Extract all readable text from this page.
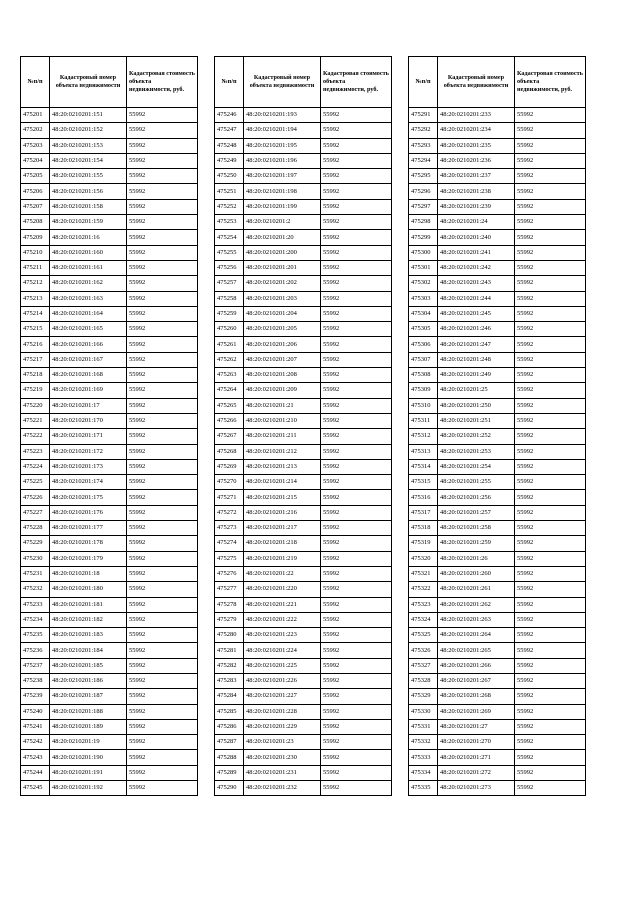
№п/п	Кадастровый номер объекта недвижимости	Кадастровая стоимость объекта недвижимости, руб.
475201	48:20:0210201:151	55992
475202	48:20:0210201:152	55992
475203	48:20:0210201:153	55992
475204	48:20:0210201:154	55992
475205	48:20:0210201:155	55992
475206	48:20:0210201:156	55992
475207	48:20:0210201:158	55992
475208	48:20:0210201:159	55992
475209	48:20:0210201:16	55992
475210	48:20:0210201:160	55992
475211	48:20:0210201:161	55992
475212	48:20:0210201:162	55992
475213	48:20:0210201:163	55992
475214	48:20:0210201:164	55992
475215	48:20:0210201:165	55992
475216	48:20:0210201:166	55992
475217	48:20:0210201:167	55992
475218	48:20:0210201:168	55992
475219	48:20:0210201:169	55992
475220	48:20:0210201:17	55992
475221	48:20:0210201:170	55992
475222	48:20:0210201:171	55992
475223	48:20:0210201:172	55992
475224	48:20:0210201:173	55992
475225	48:20:0210201:174	55992
475226	48:20:0210201:175	55992
475227	48:20:0210201:176	55992
475228	48:20:0210201:177	55992
475229	48:20:0210201:178	55992
475230	48:20:0210201:179	55992
475231	48:20:0210201:18	55992
475232	48:20:0210201:180	55992
475233	48:20:0210201:181	55992
475234	48:20:0210201:182	55992
475235	48:20:0210201:183	55992
475236	48:20:0210201:184	55992
475237	48:20:0210201:185	55992
475238	48:20:0210201:186	55992
475239	48:20:0210201:187	55992
475240	48:20:0210201:188	55992
475241	48:20:0210201:189	55992
475242	48:20:0210201:19	55992
475243	48:20:0210201:190	55992
475244	48:20:0210201:191	55992
475245	48:20:0210201:192	55992
№п/п	Кадастровый номер объекта недвижимости	Кадастровая стоимость объекта недвижимости, руб.
475246	48:20:0210201:193	55992
475247	48:20:0210201:194	55992
475248	48:20:0210201:195	55992
475249	48:20:0210201:196	55992
475250	48:20:0210201:197	55992
475251	48:20:0210201:198	55992
475252	48:20:0210201:199	55992
475253	48:20:0210201:2	55992
475254	48:20:0210201:20	55992
475255	48:20:0210201:200	55992
475256	48:20:0210201:201	55992
475257	48:20:0210201:202	55992
475258	48:20:0210201:203	55992
475259	48:20:0210201:204	55992
475260	48:20:0210201:205	55992
475261	48:20:0210201:206	55992
475262	48:20:0210201:207	55992
475263	48:20:0210201:208	55992
475264	48:20:0210201:209	55992
475265	48:20:0210201:21	55992
475266	48:20:0210201:210	55992
475267	48:20:0210201:211	55992
475268	48:20:0210201:212	55992
475269	48:20:0210201:213	55992
475270	48:20:0210201:214	55992
475271	48:20:0210201:215	55992
475272	48:20:0210201:216	55992
475273	48:20:0210201:217	55992
475274	48:20:0210201:218	55992
475275	48:20:0210201:219	55992
475276	48:20:0210201:22	55992
475277	48:20:0210201:220	55992
475278	48:20:0210201:221	55992
475279	48:20:0210201:222	55992
475280	48:20:0210201:223	55992
475281	48:20:0210201:224	55992
475282	48:20:0210201:225	55992
475283	48:20:0210201:226	55992
475284	48:20:0210201:227	55992
475285	48:20:0210201:228	55992
475286	48:20:0210201:229	55992
475287	48:20:0210201:23	55992
475288	48:20:0210201:230	55992
475289	48:20:0210201:231	55992
475290	48:20:0210201:232	55992
№п/п	Кадастровый номер объекта недвижимости	Кадастровая стоимость объекта недвижимости, руб.
475291	48:20:0210201:233	55992
475292	48:20:0210201:234	55992
475293	48:20:0210201:235	55992
475294	48:20:0210201:236	55992
475295	48:20:0210201:237	55992
475296	48:20:0210201:238	55992
475297	48:20:0210201:239	55992
475298	48:20:0210201:24	55992
475299	48:20:0210201:240	55992
475300	48:20:0210201:241	55992
475301	48:20:0210201:242	55992
475302	48:20:0210201:243	55992
475303	48:20:0210201:244	55992
475304	48:20:0210201:245	55992
475305	48:20:0210201:246	55992
475306	48:20:0210201:247	55992
475307	48:20:0210201:248	55992
475308	48:20:0210201:249	55992
475309	48:20:0210201:25	55992
475310	48:20:0210201:250	55992
475311	48:20:0210201:251	55992
475312	48:20:0210201:252	55992
475313	48:20:0210201:253	55992
475314	48:20:0210201:254	55992
475315	48:20:0210201:255	55992
475316	48:20:0210201:256	55992
475317	48:20:0210201:257	55992
475318	48:20:0210201:258	55992
475319	48:20:0210201:259	55992
475320	48:20:0210201:26	55992
475321	48:20:0210201:260	55992
475322	48:20:0210201:261	55992
475323	48:20:0210201:262	55992
475324	48:20:0210201:263	55992
475325	48:20:0210201:264	55992
475326	48:20:0210201:265	55992
475327	48:20:0210201:266	55992
475328	48:20:0210201:267	55992
475329	48:20:0210201:268	55992
475330	48:20:0210201:269	55992
475331	48:20:0210201:27	55992
475332	48:20:0210201:270	55992
475333	48:20:0210201:271	55992
475334	48:20:0210201:272	55992
475335	48:20:0210201:273	55992
